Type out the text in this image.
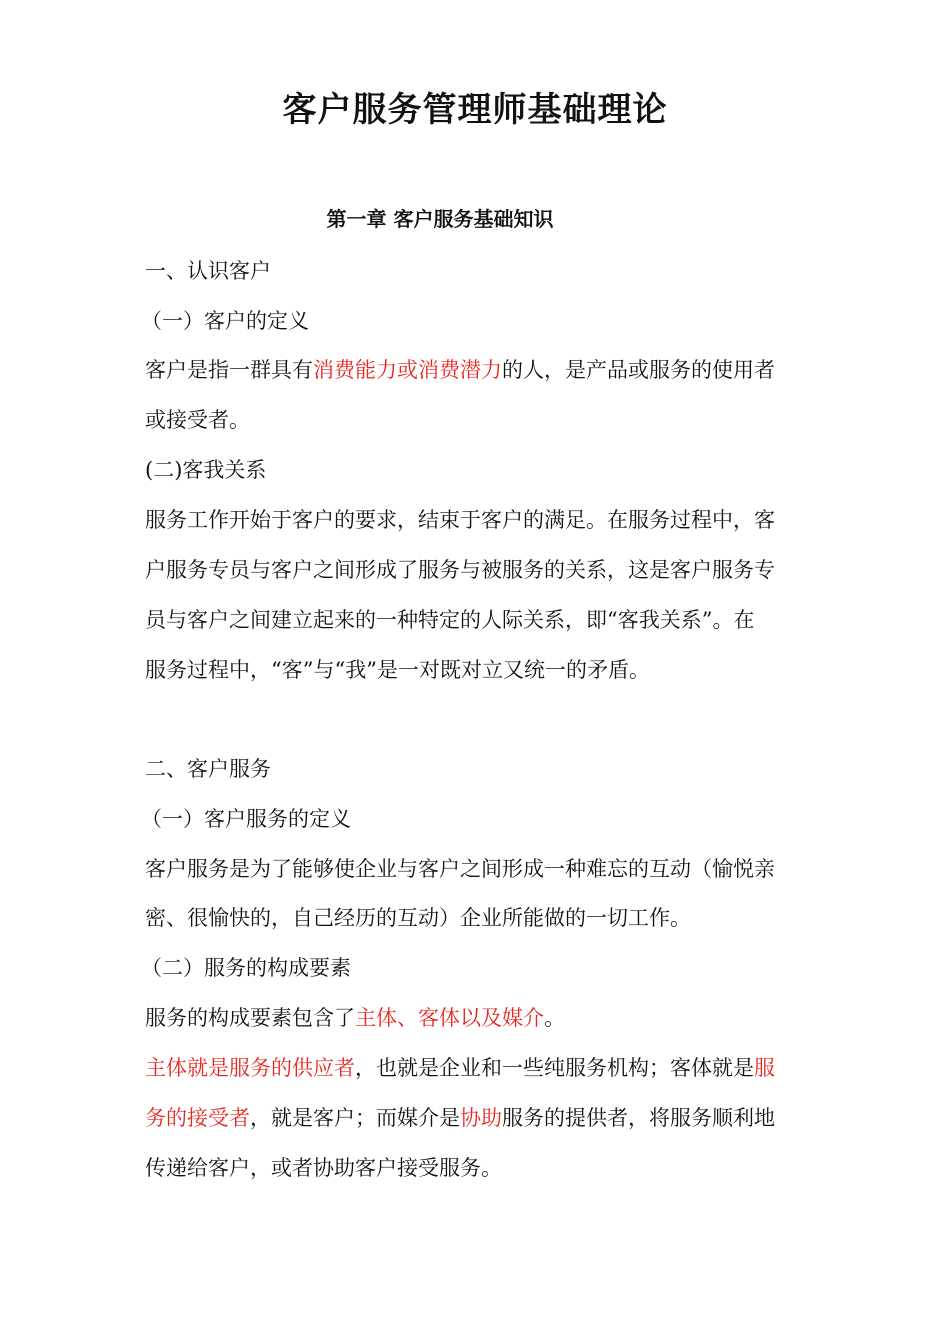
客户服务管理师基础理论
第一章 客户服务基础知识

一、认识客户

（一）客户的定义

客户是指一群具有消费能力或消费潜力的人，是产品或服务的使用者

或接受者。

(二)客我关系

服务工作开始于客户的要求，结束于客户的满足。在服务过程中，客

户服务专员与客户之间形成了服务与被服务的关系，这是客户服务专

员与客户之间建立起来的一种特定的人际关系，即“客我关系”。在

服务过程中，“客”与“我”是一对既对立又统一的矛盾。

二、客户服务

（一）客户服务的定义

客户服务是为了能够使企业与客户之间形成一种难忘的互动（愉悦亲

密、很愉快的，自己经历的互动）企业所能做的一切工作。

（二）服务的构成要素

服务的构成要素包含了主体、客体以及媒介。

主体就是服务的供应者，也就是企业和一些纯服务机构；客体就是服

务的接受者，就是客户；而媒介是协助服务的提供者，将服务顺利地

传递给客户，或者协助客户接受服务。
